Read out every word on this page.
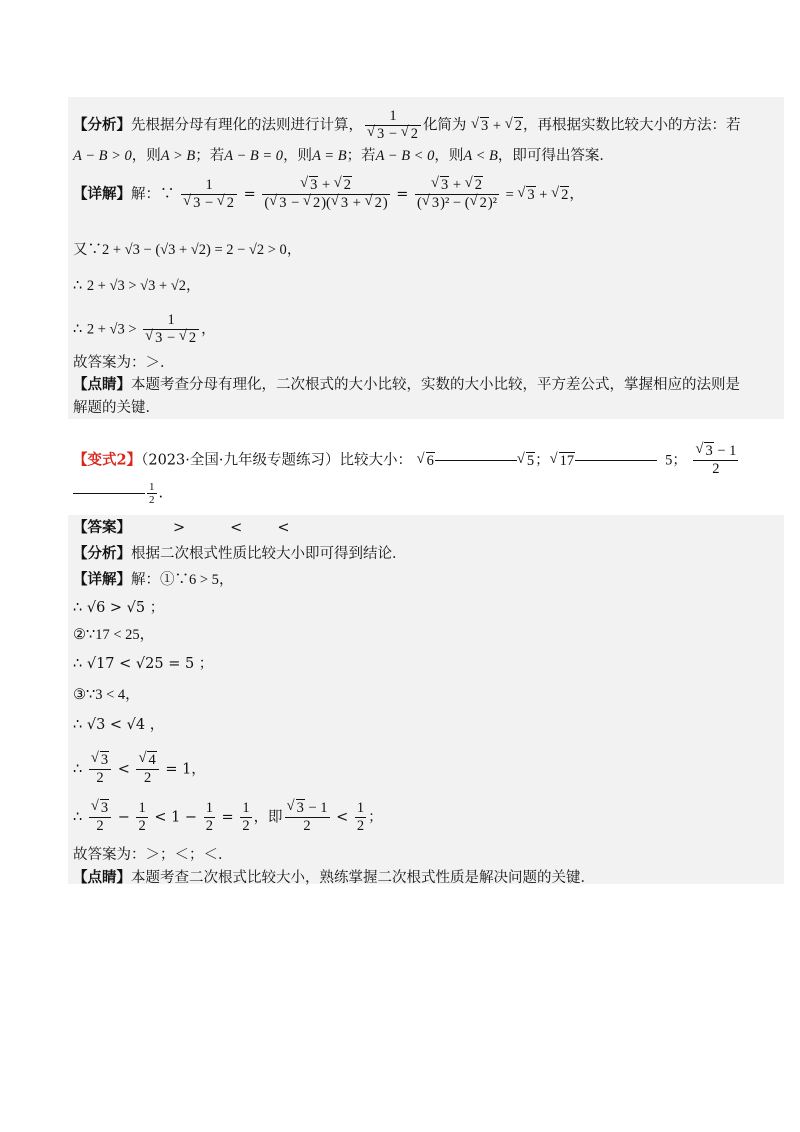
【分析】先根据分母有理化的法则进行计算， 1
√ 3 − √ 2 化简为 √ 3 + √ 2，再根据实数比较大小的方法：若
A − B > 0，则A > B；若A − B = 0，则A = B；若A − B < 0，则A < B，即可得出答案．
【详解】解：∵ 1
√ 3 − √ 2 = √ $\frac{3 + √ 2}{( √ 3 - √ 2)( √ 3 + √ 2)}$ = √ $\frac{3 + √ 2}{\text{( √ 3)² − ( √ 2)²}}$ = √ 3 + √ 2，
又∵2 + √3 − (√3 + √2) = 2 − √2 > 0，
∴ 2 + √3 > √3 + √2，
∴ 2 + √3 > 1
√ 3 − √ 2 ，
故答案为：＞．
【点睛】本题考查分母有理化，二次根式的大小比较，实数的大小比较，平方差公式，掌握相应的法则是
解题的关键．
【变式2】（2023·全国·九年级专题练习）比较大小： √ 6	√ 5； √ 17	5； √ $\frac{3 - 1}{2}$
$\frac{1}{2}$ .
【答案】	>	< <
【分析】根据二次根式性质比较大小即可得到结论．
【详解】解：①∵6 > 5，
∴ √6 > √5 ；
②∵17 < 25，
∴ √17 < √25 = 5 ；
③∵3 < 4，
∴ √3 < √4 ，
∴ √ $\frac{3}{2}$ < √ $\frac{4}{2} = 1$，
∴ √ $\frac{3}{2} - \frac{1}{2} < 1 - \frac{1}{2} = \frac{1}{2}$ ，即 √ $\frac{3 - 1}{2} < \frac{1}{2}$ ；
故答案为：＞；＜；＜．
【点睛】本题考查二次根式比较大小，熟练掌握二次根式性质是解决问题的关键．
